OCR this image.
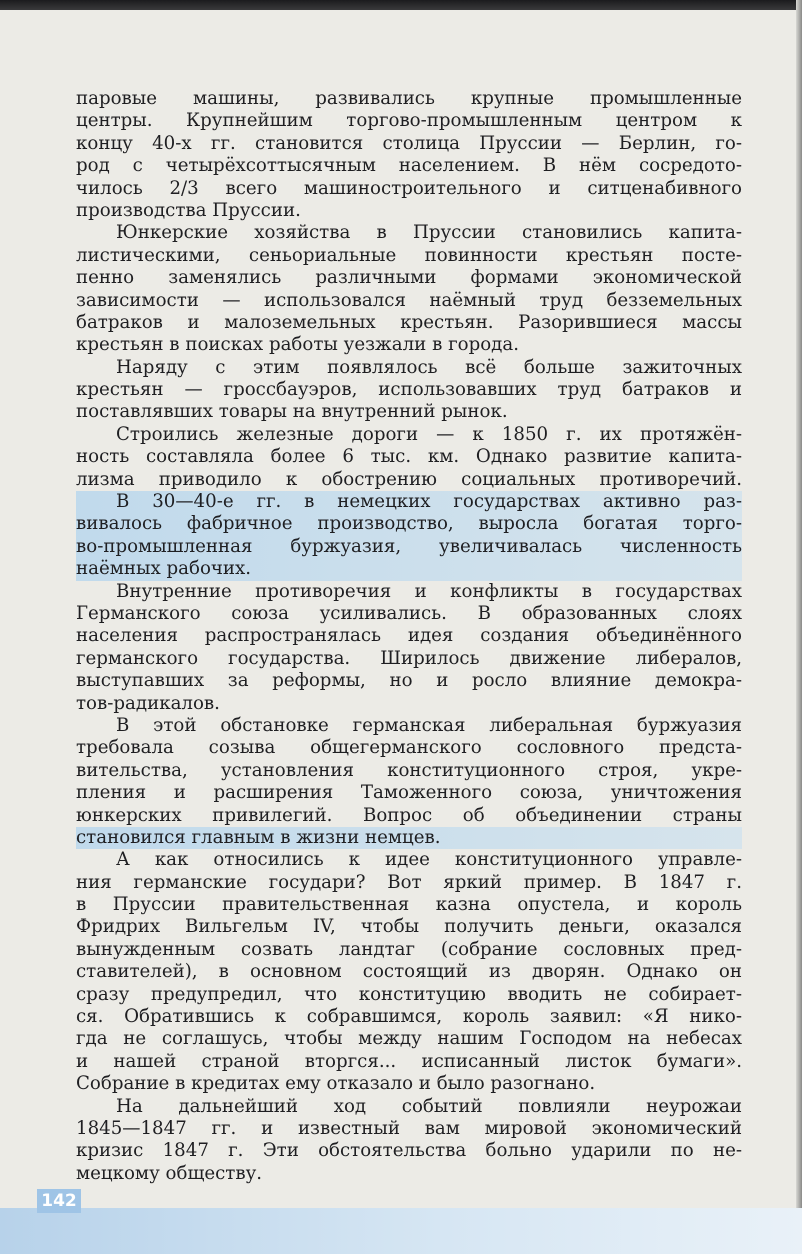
142
паровые машины, развивались крупные промышленные
центры. Крупнейшим торгово-промышленным центром к
концу 40-х гг. становится столица Пруссии — Берлин, го-
род с четырёхсоттысячным населением. В нём сосредото-
чилось 2/3 всего машиностроительного и ситценабивного
производства Пруссии.
Юнкерские хозяйства в Пруссии становились капита-
листическими, сеньориальные повинности крестьян посте-
пенно заменялись различными формами экономической
зависимости — использовался наёмный труд безземельных
батраков и малоземельных крестьян. Разорившиеся массы
крестьян в поисках работы уезжали в города.
Наряду с этим появлялось всё больше зажиточных
крестьян — гроссбауэров, использовавших труд батраков и
поставлявших товары на внутренний рынок.
Строились железные дороги — к 1850 г. их протяжён-
ность составляла более 6 тыс. км. Однако развитие капита-
лизма приводило к обострению социальных противоречий.
В 30—40-е гг. в немецких государствах активно раз-
вивалось фабричное производство, выросла богатая торго-
во-промышленная буржуазия, увеличивалась численность
наёмных рабочих.
Внутренние противоречия и конфликты в государствах
Германского союза усиливались. В образованных слоях
населения распространялась идея создания объединённого
германского государства. Ширилось движение либералов,
выступавших за реформы, но и росло влияние демокра-
тов-радикалов.
В этой обстановке германская либеральная буржуазия
требовала созыва общегерманского сословного предста-
вительства, установления конституционного строя, укре-
пления и расширения Таможенного союза, уничтожения
юнкерских привилегий. Вопрос об объединении страны
становился главным в жизни немцев.
А как относились к идее конституционного управле-
ния германские государи? Вот яркий пример. В 1847 г.
в Пруссии правительственная казна опустела, и король
Фридрих Вильгельм IV, чтобы получить деньги, оказался
вынужденным созвать ландтаг (собрание сословных пред-
ставителей), в основном состоящий из дворян. Однако он
сразу предупредил, что конституцию вводить не собирает-
ся. Обратившись к собравшимся, король заявил: «Я нико-
гда не соглашусь, чтобы между нашим Господом на небесах
и нашей страной вторгся... исписанный листок бумаги».
Собрание в кредитах ему отказало и было разогнано.
На дальнейший ход событий повлияли неурожаи
1845—1847 гг. и известный вам мировой экономический
кризис 1847 г. Эти обстоятельства больно ударили по не-
мецкому обществу.
